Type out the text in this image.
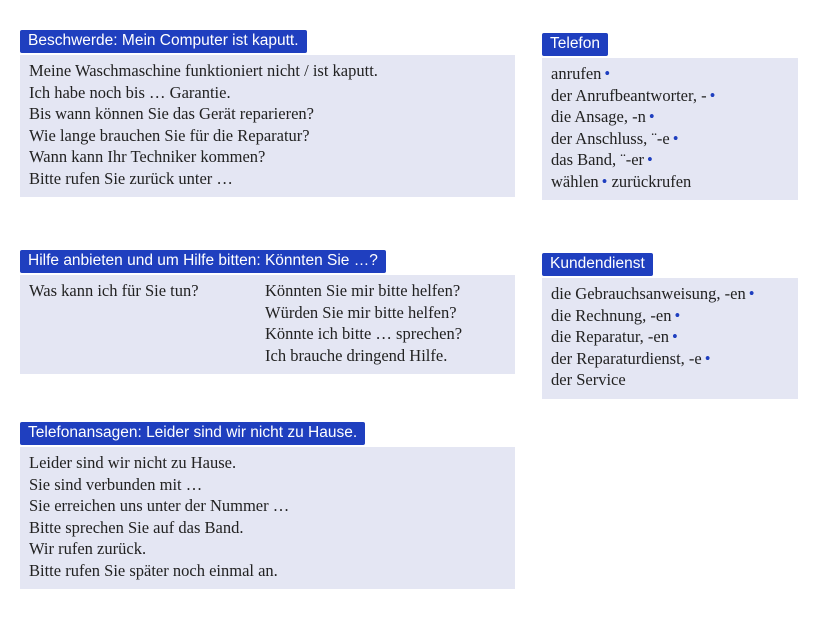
Beschwerde: Mein Computer ist kaputt.
Meine Waschmaschine funktioniert nicht / ist kaputt.
Ich habe noch bis … Garantie.
Bis wann können Sie das Gerät reparieren?
Wie lange brauchen Sie für die Reparatur?
Wann kann Ihr Techniker kommen?
Bitte rufen Sie zurück unter …
Hilfe anbieten und um Hilfe bitten: Könnten Sie …?
Was kann ich für Sie tun?	Könnten Sie mir bitte helfen?
Würden Sie mir bitte helfen?
Könnte ich bitte … sprechen?
Ich brauche dringend Hilfe.
Telefonansagen: Leider sind wir nicht zu Hause.
Leider sind wir nicht zu Hause.
Sie sind verbunden mit …
Sie erreichen uns unter der Nummer …
Bitte sprechen Sie auf das Band.
Wir rufen zurück.
Bitte rufen Sie später noch einmal an.
Telefon
anrufen •
der Anrufbeantworter, - •
die Ansage, -n •
der Anschluss, ¨-e •
das Band, ¨-er •
wählen • zurückrufen
Kundendienst
die Gebrauchsanweisung, -en •
die Rechnung, -en •
die Reparatur, -en •
der Reparaturdienst, -e •
der Service
